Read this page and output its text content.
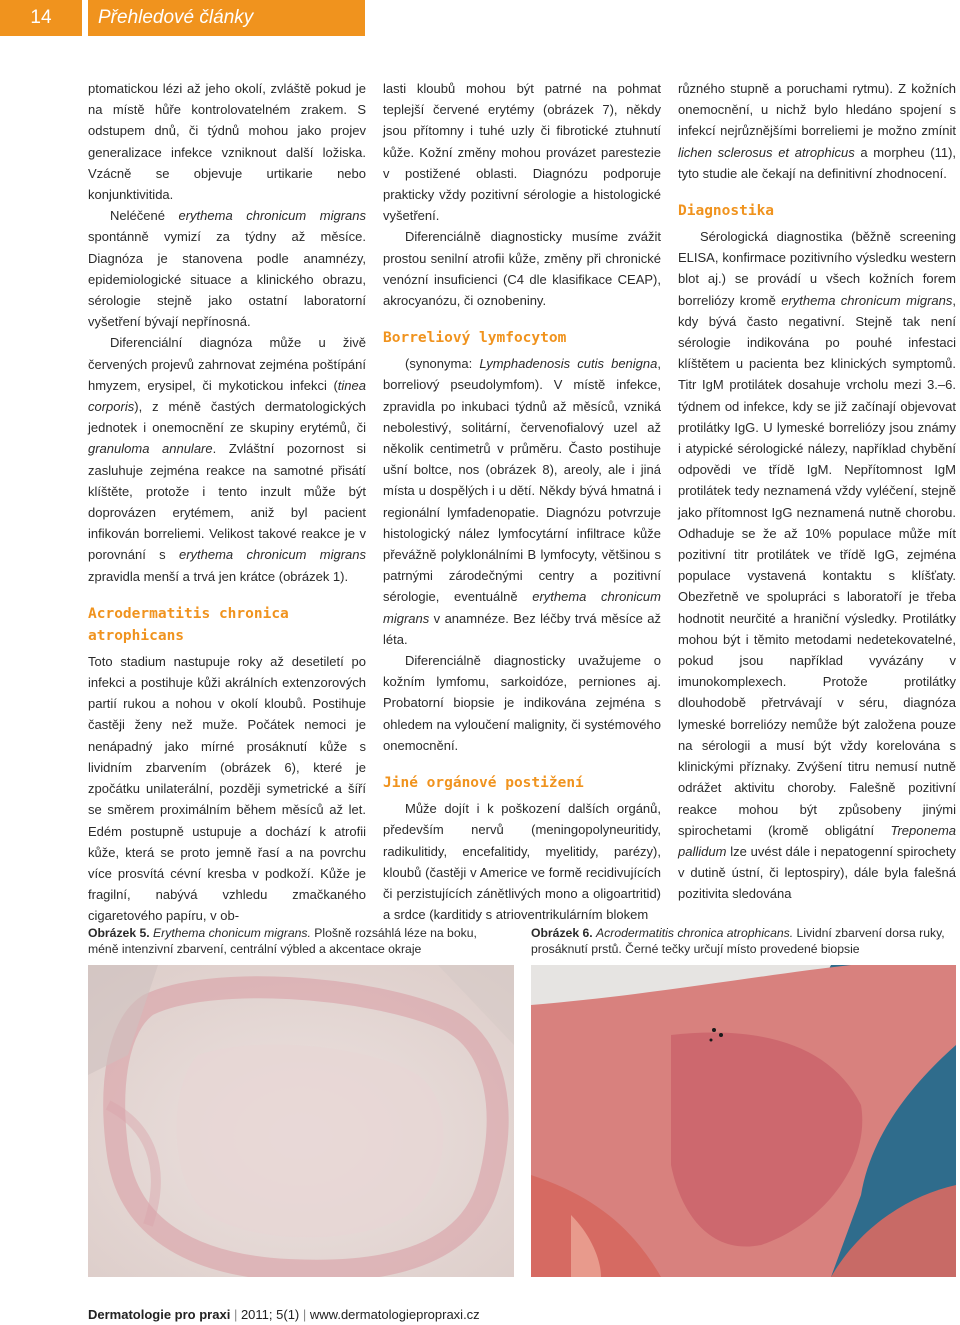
14	Přehledové články

ptomatickou lézi až jeho okolí, zvláště pokud je na místě hůře kontrolovatelném zrakem. S odstupem dnů, či týdnů mohou jako projev generalizace infekce vzniknout další ložiska. Vzácně se objevuje urtikarie nebo konjunktivitida.

Neléčené erythema chronicum migrans spontánně vymizí za týdny až měsíce. Diagnóza je stanovena podle anamnézy, epidemiologické situace a klinického obrazu, sérologie stejně jako ostatní laboratorní vyšetření bývají nepřínosná.

Diferenciální diagnóza může u živě červených projevů zahrnovat zejména poštípání hmyzem, erysipel, či mykotickou infekci (tinea corporis), z méně častých dermatologických jednotek i onemocnění ze skupiny erytémů, či granuloma annulare. Zvláštní pozornost si zasluhuje zejména reakce na samotné přisátí klíštěte, protože i tento inzult může být doprovázen erytémem, aniž byl pacient infikován borreliemi. Velikost takové reakce je v porovnání s erythema chronicum migrans zpravidla menší a trvá jen krátce (obrázek 1).

Acrodermatitis chronica atrophicans

Toto stadium nastupuje roky až desetiletí po infekci a postihuje kůži akrálních extenzorových partií rukou a nohou v okolí kloubů. Postihuje častěji ženy než muže. Počátek nemoci je nenápadný jako mírné prosáknutí kůže s lividním zbarvením (obrázek 6), které je zpočátku unilaterální, později symetrické a šíří se směrem proximálním během měsíců až let. Edém postupně ustupuje a dochází k atrofii kůže, která se proto jemně řasí a na povrchu více prosvítá cévní kresba v podkoží. Kůže je fragilní, nabývá vzhledu zmačkaného cigaretového papíru, v ob-

lasti kloubů mohou být patrné na pohmat teplejší červené erytémy (obrázek 7), někdy jsou přítomny i tuhé uzly či fibrotické ztuhnutí kůže. Kožní změny mohou provázet parestezie v postižené oblasti. Diagnózu podporuje prakticky vždy pozitivní sérologie a histologické vyšetření.

Diferenciálně diagnosticky musíme zvážit prostou senilní atrofii kůže, změny při chronické venózní insuficienci (C4 dle klasifikace CEAP), akrocyanózu, či oznobeniny.

Borreliový lymfocytom

(synonyma: Lymphadenosis cutis benigna, borreliový pseudolymfom). V místě infekce, zpravidla po inkubaci týdnů až měsíců, vzniká nebolestivý, solitární, červenofialový uzel až několik centimetrů v průměru. Často postihuje ušní boltce, nos (obrázek 8), areoly, ale i jiná místa u dospělých i u dětí. Někdy bývá hmatná i regionální lymfadenopatie. Diagnózu potvrzuje histologický nález lymfocytární infiltrace kůže převážně polyklonálními B lymfocyty, většinou s patrnými zárodečnými centry a pozitivní sérologie, eventuálně erythema chronicum migrans v anamnéze. Bez léčby trvá měsíce až léta.

Diferenciálně diagnosticky uvažujeme o kožním lymfomu, sarkoidóze, perniones aj. Probatorní biopsie je indikována zejména s ohledem na vyloučení malignity, či systémového onemocnění.

Jiné orgánové postižení

Může dojít i k poškození dalších orgánů, především nervů (meningopolyneuritidy, radikulitidy, encefalitidy, myelitidy, parézy), kloubů (častěji v Americe ve formě recidivujících či perzistujících zánětlivých mono a oligoartritid) a srdce (karditidy s atrioventrikulárním blokem

různého stupně a poruchami rytmu). Z kožních onemocnění, u nichž bylo hledáno spojení s infekcí nejrůznějšími borreliemi je možno zmínit lichen sclerosus et atrophicus a morpheu (11), tyto studie ale čekají na definitivní zhodnocení.

Diagnostika

Sérologická diagnostika (běžně screening ELISA, konfirmace pozitivního výsledku western blot aj.) se provádí u všech kožních forem borreliózy kromě erythema chronicum migrans, kdy bývá často negativní. Stejně tak není sérologie indikována po pouhé infestaci klíštětem u pacienta bez klinických symptomů. Titr IgM protilátek dosahuje vrcholu mezi 3.–6. týdnem od infekce, kdy se již začínají objevovat protilátky IgG. U lymeské borreliózy jsou známy i atypické sérologické nálezy, například chybění odpovědi ve třídě IgM. Nepřítomnost IgM protilátek tedy neznamená vždy vyléčení, stejně jako přítomnost IgG neznamená nutně chorobu. Odhaduje se že až 10% populace může mít pozitivní titr protilátek ve třídě IgG, zejména populace vystavená kontaktu s klíšťaty. Obezřetně ve spolupráci s laboratoří je třeba hodnotit neurčité a hraniční výsledky. Protilátky mohou být i těmito metodami nedetekovatelné, pokud jsou například vyvázány v imunokomplexech. Protože protilátky dlouhodobě přetrvávají v séru, diagnóza lymeské borreliózy nemůže být založena pouze na sérologii a musí být vždy korelována s klinickými příznaky. Zvýšení titru nemusí nutně odrážet aktivitu choroby. Falešně pozitivní reakce mohou být způsobeny jinými spirochetami (kromě obligátní Treponema pallidum lze uvést dále i nepatogenní spirochety v dutině ústní, či leptospiry), dále byla falešná pozitivita sledována

Obrázek 5. Erythema chonicum migrans. Plošně rozsáhlá léze na boku, méně intenzivní zbarvení, centrální výbled a akcentace okraje
Obrázek 6. Acrodermatitis chronica atrophicans. Lividní zbarvení dorsa ruky, prosáknutí prstů. Černé tečky určují místo provedené biopsie
Dermatologie pro praxi | 2011; 5(1) | www.dermatologiepropraxi.cz
